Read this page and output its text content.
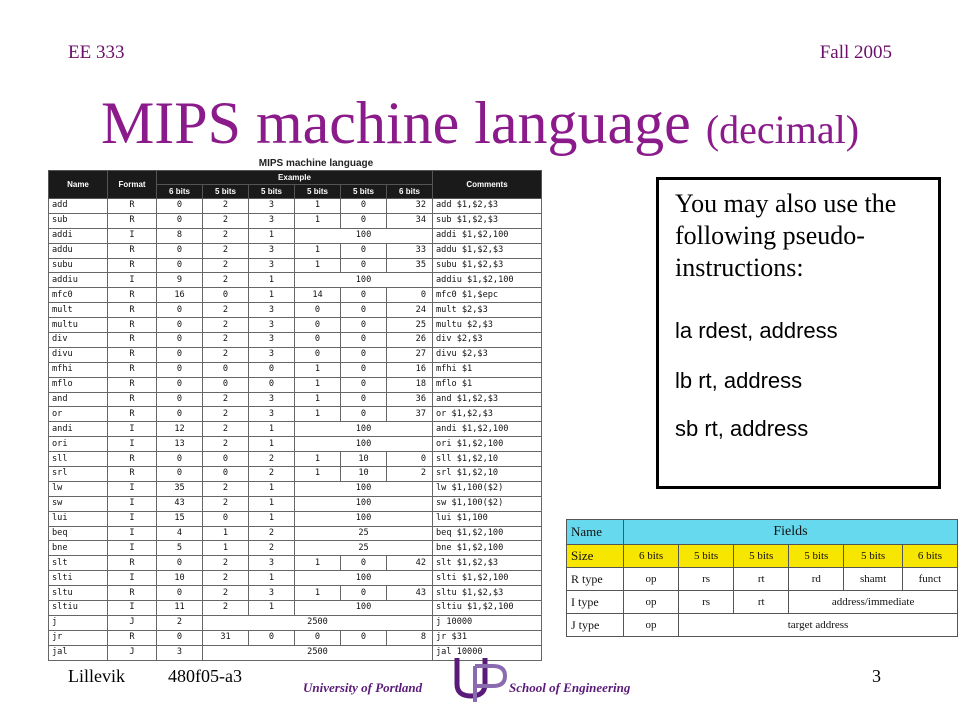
EE 333	Fall 2005
MIPS machine language (decimal)
MIPS machine language
Name	Format	Example						Comments
		6 bits	5 bits	5 bits	5 bits	5 bits	6 bits	
add	R	0	2	3	1	0	32	add $1,$2,$3
sub	R	0	2	3	1	0	34	sub $1,$2,$3
addi	I	8	2	1	100			addi $1,$2,100
addu	R	0	2	3	1	0	33	addu $1,$2,$3
subu	R	0	2	3	1	0	35	subu $1,$2,$3
addiu	I	9	2	1	100			addiu $1,$2,100
mfc0	R	16	0	1	14	0	0	mfc0 $1,$epc
mult	R	0	2	3	0	0	24	mult $2,$3
multu	R	0	2	3	0	0	25	multu $2,$3
div	R	0	2	3	0	0	26	div $2,$3
divu	R	0	2	3	0	0	27	divu $2,$3
mfhi	R	0	0	0	1	0	16	mfhi $1
mflo	R	0	0	0	1	0	18	mflo $1
and	R	0	2	3	1	0	36	and $1,$2,$3
or	R	0	2	3	1	0	37	or $1,$2,$3
andi	I	12	2	1	100			andi $1,$2,100
ori	I	13	2	1	100			ori $1,$2,100
sll	R	0	0	2	1	10	0	sll $1,$2,10
srl	R	0	0	2	1	10	2	srl $1,$2,10
lw	I	35	2	1	100			lw $1,100($2)
sw	I	43	2	1	100			sw $1,100($2)
lui	I	15	0	1	100			lui $1,100
beq	I	4	1	2	25			beq $1,$2,100
bne	I	5	1	2	25			bne $1,$2,100
slt	R	0	2	3	1	0	42	slt $1,$2,$3
slti	I	10	2	1	100			slti $1,$2,100
sltu	R	0	2	3	1	0	43	sltu $1,$2,$3
sltiu	I	11	2	1	100			sltiu $1,$2,100
j	J	2	2500					j 10000
jr	R	0	31	0	0	0	8	jr $31
jal	J	3	2500					jal 10000
You may also use the following pseudo-instructions:
la rdest, address
lb rt, address
sb rt, address
Name	Fields					
Size	6 bits	5 bits	5 bits	5 bits	5 bits	6 bits
R type	op	rs	rt	rd	shamt	funct
I type	op	rs	rt	address/immediate		
J type	op	target address				
Lillevik 480f05-a3	3
University of Portland	School of Engineering
